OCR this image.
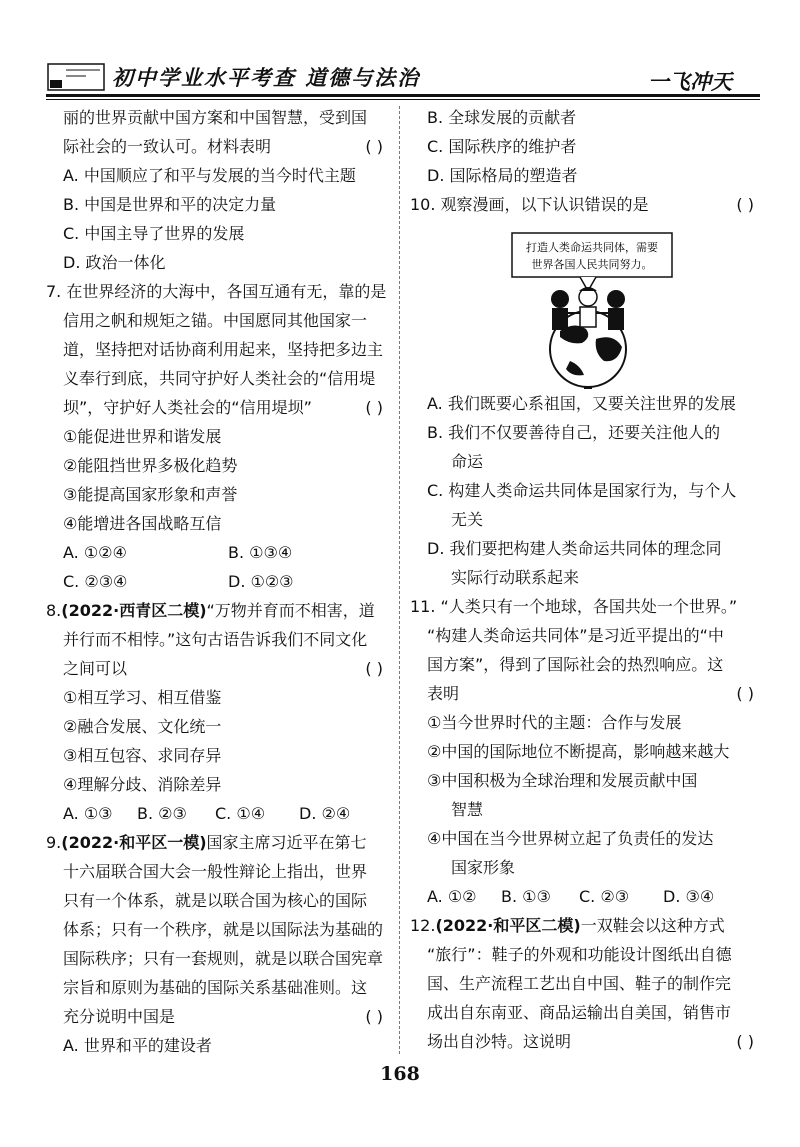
初中学业水平考查 道德与法治	一飞冲天
丽的世界贡献中国方案和中国智慧，受到国
际社会的一致认可。材料表明	( )
A. 中国顺应了和平与发展的当今时代主题
B. 中国是世界和平的决定力量
C. 中国主导了世界的发展
D. 政治一体化
7. 在世界经济的大海中，各国互通有无，靠的是
信用之帆和规矩之锚。中国愿同其他国家一
道，坚持把对话协商利用起来，坚持把多边主
义奉行到底，共同守护好人类社会的“信用堤
坝”，守护好人类社会的“信用堤坝”	( )
①能促进世界和谐发展
②能阻挡世界多极化趋势
③能提高国家形象和声誉
④能增进各国战略互信
A. ①②④	B. ①③④
C. ②③④	D. ①②③
8.(2022·西青区二模)“万物并育而不相害，道
并行而不相悖。”这句古语告诉我们不同文化
之间可以	( )
①相互学习、相互借鉴
②融合发展、文化统一
③相互包容、求同存异
④理解分歧、消除差异
A. ①③ B. ②③ C. ①④ D. ②④
9.(2022·和平区一模)国家主席习近平在第七
十六届联合国大会一般性辩论上指出，世界
只有一个体系，就是以联合国为核心的国际
体系；只有一个秩序，就是以国际法为基础的
国际秩序；只有一套规则，就是以联合国宪章
宗旨和原则为基础的国际关系基础准则。这
充分说明中国是	( )
A. 世界和平的建设者
B. 全球发展的贡献者
C. 国际秩序的维护者
D. 国际格局的塑造者
10. 观察漫画，以下认识错误的是	( )
打造人类命运共同体，需要
世界各国人民共同努力。
A. 我们既要心系祖国，又要关注世界的发展
B. 我们不仅要善待自己，还要关注他人的
命运
C. 构建人类命运共同体是国家行为，与个人
无关
D. 我们要把构建人类命运共同体的理念同
实际行动联系起来
11. “人类只有一个地球，各国共处一个世界。”
“构建人类命运共同体”是习近平提出的“中
国方案”，得到了国际社会的热烈响应。这
表明	( )
①当今世界时代的主题：合作与发展
②中国的国际地位不断提高，影响越来越大
③中国积极为全球治理和发展贡献中国
智慧
④中国在当今世界树立起了负责任的发达
国家形象
A. ①② B. ①③ C. ②③ D. ③④
12.(2022·和平区二模)一双鞋会以这种方式
“旅行”：鞋子的外观和功能设计图纸出自德
国、生产流程工艺出自中国、鞋子的制作完
成出自东南亚、商品运输出自美国，销售市
场出自沙特。这说明	( )
168
